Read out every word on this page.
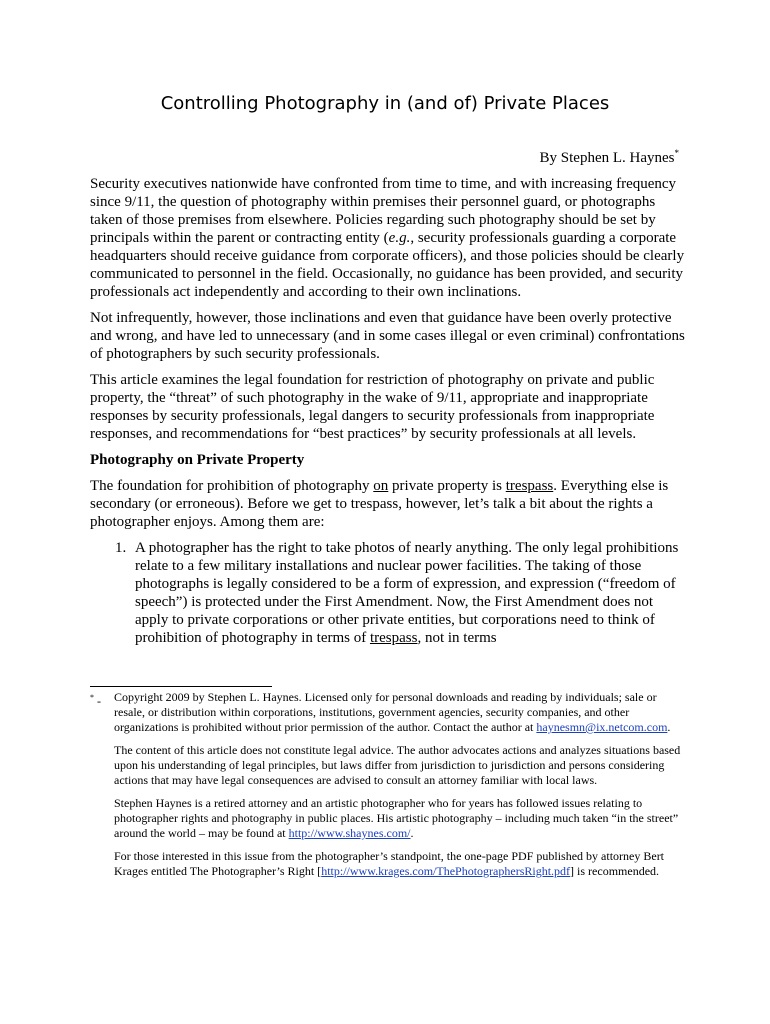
Controlling Photography in (and of) Private Places
By Stephen L. Haynes*

Security executives nationwide have confronted from time to time, and with increasing frequency since 9/11, the question of photography within premises their personnel guard, or photographs taken of those premises from elsewhere. Policies regarding such photography should be set by principals within the parent or contracting entity (e.g., security professionals guarding a corporate headquarters should receive guidance from corporate officers), and those policies should be clearly communicated to personnel in the field. Occasionally, no guidance has been provided, and security professionals act independently and according to their own inclinations.

Not infrequently, however, those inclinations and even that guidance have been overly protective and wrong, and have led to unnecessary (and in some cases illegal or even criminal) confrontations of photographers by such security professionals.

This article examines the legal foundation for restriction of photography on private and public property, the “threat” of such photography in the wake of 9/11, appropriate and inappropriate responses by security professionals, legal dangers to security professionals from inappropriate responses, and recommendations for “best practices” by security professionals at all levels.

Photography on Private Property

The foundation for prohibition of photography on private property is trespass. Everything else is secondary (or erroneous). Before we get to trespass, however, let’s talk a bit about the rights a photographer enjoys. Among them are:

1. A photographer has the right to take photos of nearly anything. The only legal prohibitions relate to a few military installations and nuclear power facilities. The taking of those photographs is legally considered to be a form of expression, and expression (“freedom of speech”) is protected under the First Amendment. Now, the First Amendment does not apply to private corporations or other private entities, but corporations need to think of prohibition of photography in terms of trespass, not in terms
* - Copyright 2009 by Stephen L. Haynes. Licensed only for personal downloads and reading by individuals; sale or resale, or distribution within corporations, institutions, government agencies, security companies, and other organizations is prohibited without prior permission of the author. Contact the author at haynesmn@ix.netcom.com.

The content of this article does not constitute legal advice. The author advocates actions and analyzes situations based upon his understanding of legal principles, but laws differ from jurisdiction to jurisdiction and persons considering actions that may have legal consequences are advised to consult an attorney familiar with local laws.

Stephen Haynes is a retired attorney and an artistic photographer who for years has followed issues relating to photographer rights and photography in public places. His artistic photography – including much taken “in the street” around the world – may be found at http://www.shaynes.com/.

For those interested in this issue from the photographer’s standpoint, the one-page PDF published by attorney Bert Krages entitled The Photographer’s Right [http://www.krages.com/ThePhotographersRight.pdf] is recommended.
